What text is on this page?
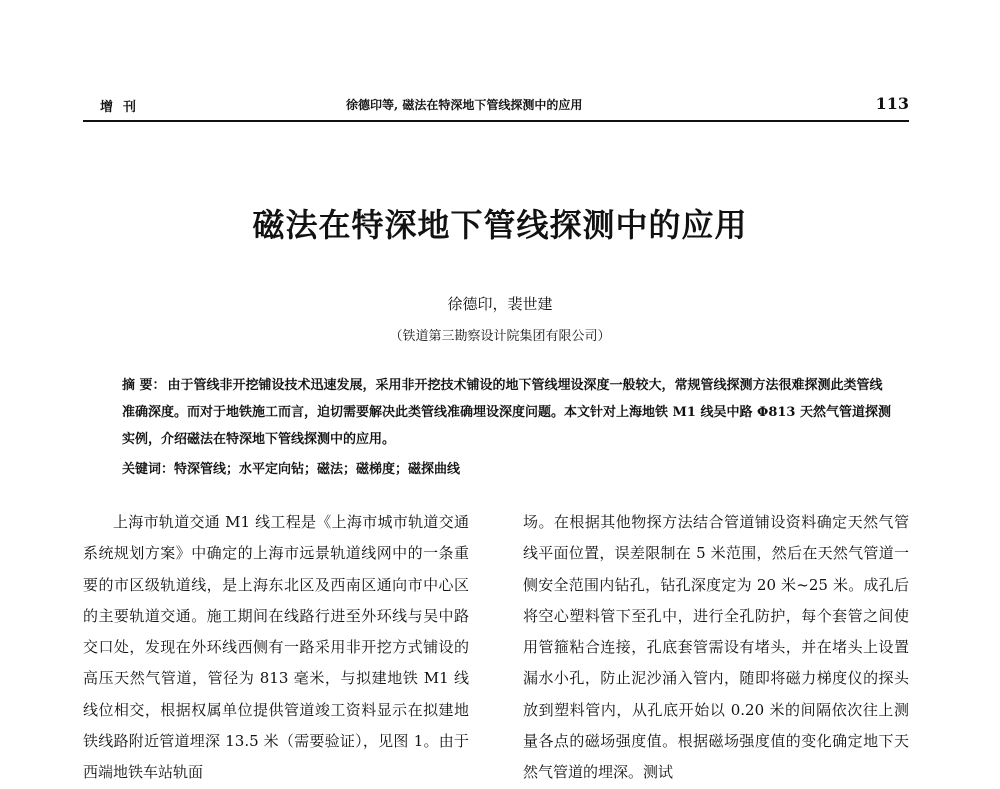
增刊	徐德印等, 磁法在特深地下管线探测中的应用	113
磁法在特深地下管线探测中的应用
徐德印，裴世建
（铁道第三勘察设计院集团有限公司）
摘 要： 由于管线非开挖铺设技术迅速发展，采用非开挖技术铺设的地下管线埋设深度一般较大，常规管线探测方法很难探测此类管线准确深度。而对于地铁施工而言，迫切需要解决此类管线准确埋设深度问题。本文针对上海地铁 M1 线吴中路 Φ813 天然气管道探测实例，介绍磁法在特深地下管线探测中的应用。
关键词：特深管线；水平定向钻；磁法；磁梯度；磁探曲线

上海市轨道交通 M1 线工程是《上海市城市轨道交通系统规划方案》中确定的上海市远景轨道线网中的一条重要的市区级轨道线，是上海东北区及西南区通向市中心区的主要轨道交通。施工期间在线路行进至外环线与吴中路交口处，发现在外环线西侧有一路采用非开挖方式铺设的高压天然气管道，管径为 813 毫米，与拟建地铁 M1 线线位相交，根据权属单位提供管道竣工资料显示在拟建地铁线路附近管道埋深 13.5 米（需要验证），见图 1。由于西端地铁车站轨面

场。在根据其他物探方法结合管道铺设资料确定天然气管线平面位置，误差限制在 5 米范围，然后在天然气管道一侧安全范围内钻孔，钻孔深度定为 20 米~25 米。成孔后将空心塑料管下至孔中，进行全孔防护，每个套管之间使用管箍粘合连接，孔底套管需设有堵头，并在堵头上设置漏水小孔，防止泥沙涌入管内，随即将磁力梯度仪的探头放到塑料管内，从孔底开始以 0.20 米的间隔依次往上测量各点的磁场强度值。根据磁场强度值的变化确定地下天然气管道的埋深。测试
